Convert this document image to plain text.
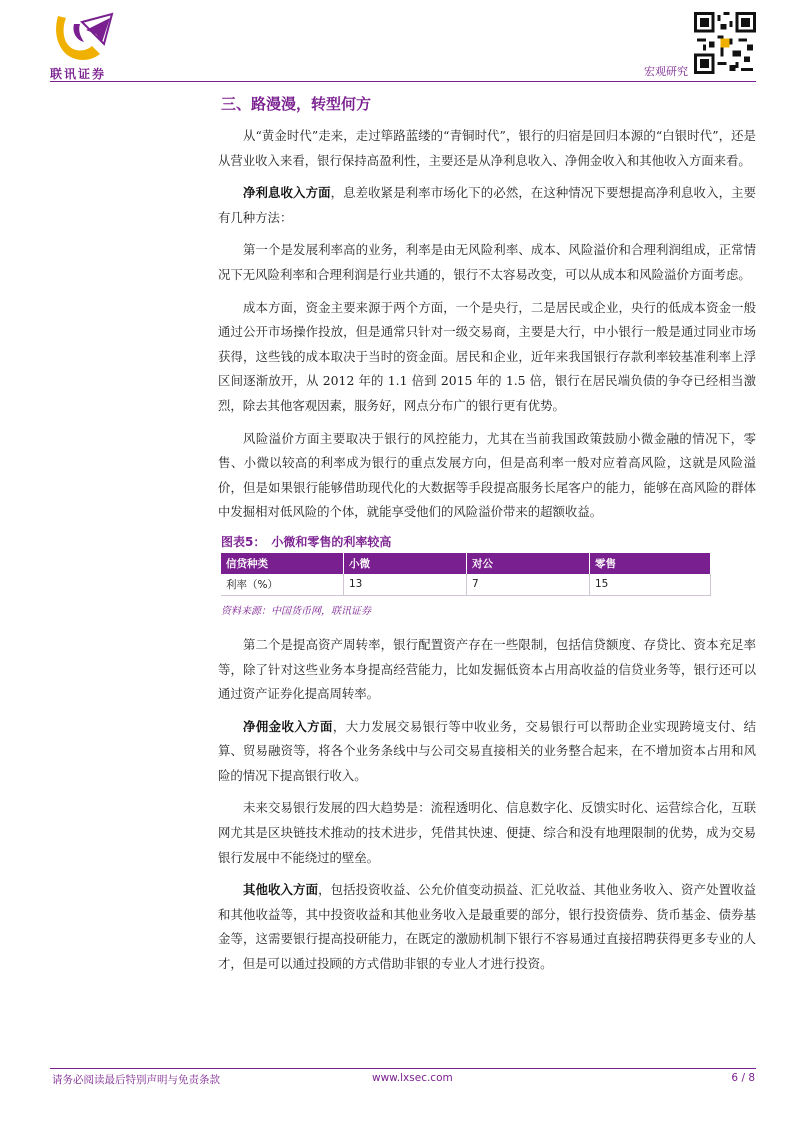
联讯证券	宏观研究
三、路漫漫，转型何方

从“黄金时代”走来，走过筚路蓝缕的“青铜时代”，银行的归宿是回归本源的“白银时代”，还是从营业收入来看，银行保持高盈利性，主要还是从净利息收入、净佣金收入和其他收入方面来看。

净利息收入方面，息差收紧是利率市场化下的必然，在这种情况下要想提高净利息收入，主要有几种方法：

第一个是发展利率高的业务，利率是由无风险利率、成本、风险溢价和合理利润组成，正常情况下无风险利率和合理利润是行业共通的，银行不太容易改变，可以从成本和风险溢价方面考虑。

成本方面，资金主要来源于两个方面，一个是央行，二是居民或企业，央行的低成本资金一般通过公开市场操作投放，但是通常只针对一级交易商，主要是大行，中小银行一般是通过同业市场获得，这些钱的成本取决于当时的资金面。居民和企业，近年来我国银行存款利率较基准利率上浮区间逐渐放开，从 2012 年的 1.1 倍到 2015 年的 1.5 倍，银行在居民端负债的争夺已经相当激烈，除去其他客观因素，服务好，网点分布广的银行更有优势。

风险溢价方面主要取决于银行的风控能力，尤其在当前我国政策鼓励小微金融的情况下，零售、小微以较高的利率成为银行的重点发展方向，但是高利率一般对应着高风险，这就是风险溢价，但是如果银行能够借助现代化的大数据等手段提高服务长尾客户的能力，能够在高风险的群体中发掘相对低风险的个体，就能享受他们的风险溢价带来的超额收益。

图表5： 小微和零售的利率较高
信贷种类	小微	对公	零售
利率（%）	13	7	15
资料来源：中国货币网，联讯证券

第二个是提高资产周转率，银行配置资产存在一些限制，包括信贷额度、存贷比、资本充足率等，除了针对这些业务本身提高经营能力，比如发掘低资本占用高收益的信贷业务等，银行还可以通过资产证券化提高周转率。

净佣金收入方面，大力发展交易银行等中收业务，交易银行可以帮助企业实现跨境支付、结算、贸易融资等，将各个业务条线中与公司交易直接相关的业务整合起来，在不增加资本占用和风险的情况下提高银行收入。

未来交易银行发展的四大趋势是：流程透明化、信息数字化、反馈实时化、运营综合化，互联网尤其是区块链技术推动的技术进步，凭借其快速、便捷、综合和没有地理限制的优势，成为交易银行发展中不能绕过的壁垒。

其他收入方面，包括投资收益、公允价值变动损益、汇兑收益、其他业务收入、资产处置收益和其他收益等，其中投资收益和其他业务收入是最重要的部分，银行投资债券、货币基金、债券基金等，这需要银行提高投研能力，在既定的激励机制下银行不容易通过直接招聘获得更多专业的人才，但是可以通过投顾的方式借助非银的专业人才进行投资。

请务必阅读最后特别声明与免责条款	www.lxsec.com	6 / 8
